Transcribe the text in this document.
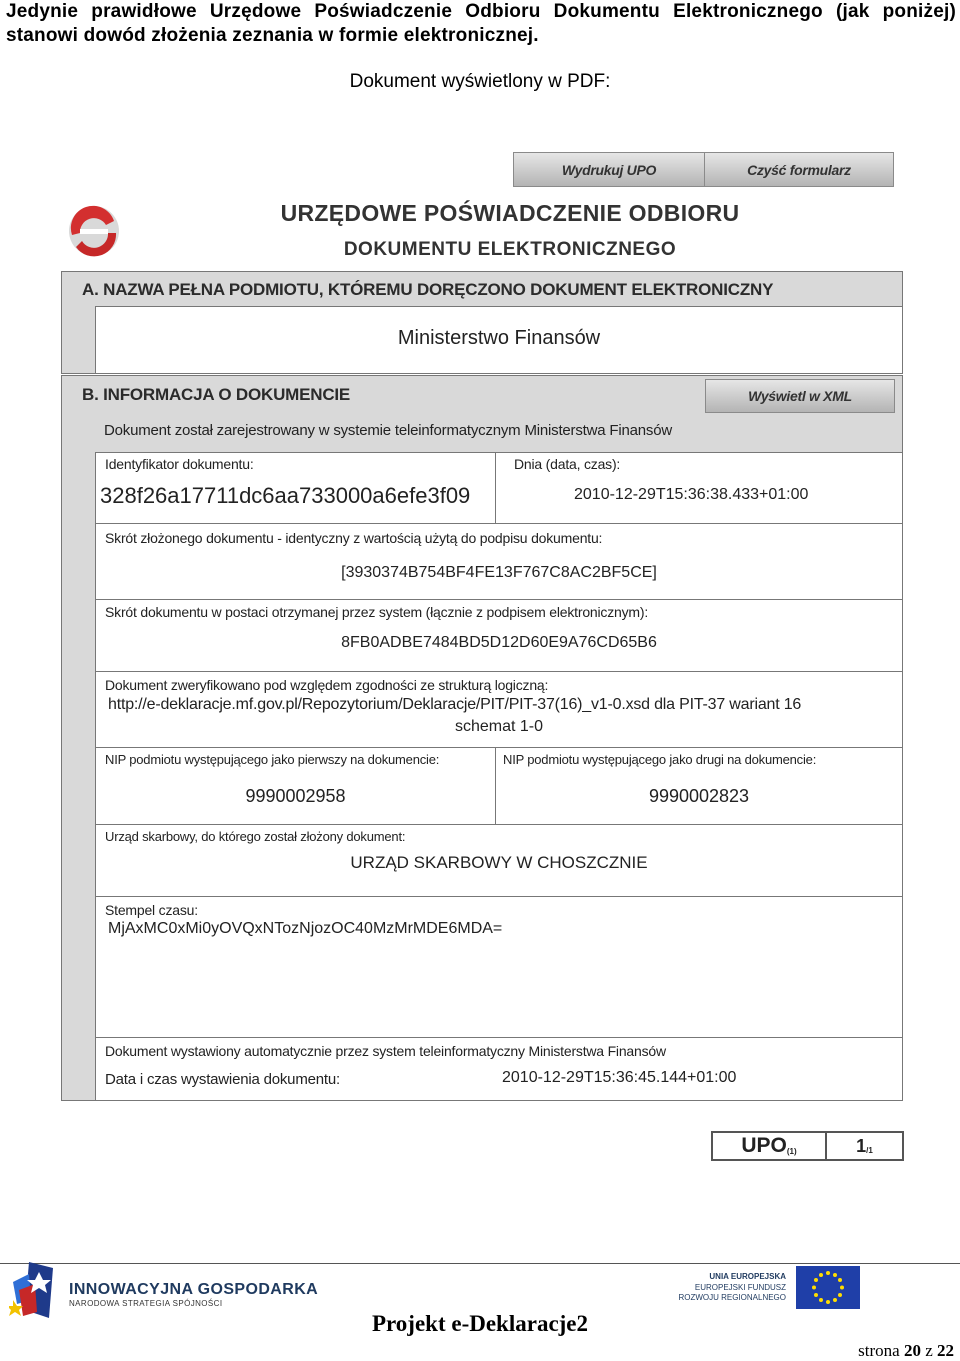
Jedynie prawidłowe Urzędowe Poświadczenie Odbioru Dokumentu Elektronicznego (jak poniżej) stanowi dowód złożenia zeznania w formie elektronicznej.
Dokument wyświetlony w PDF:
Wydrukuj UPO	Czyść formularz
URZĘDOWE POŚWIADCZENIE ODBIORU
DOKUMENTU ELEKTRONICZNEGO
A. NAZWA PEŁNA PODMIOTU, KTÓREMU DORĘCZONO DOKUMENT ELEKTRONICZNY
Ministerstwo Finansów
B. INFORMACJA O DOKUMENCIE	Wyświetl w XML
Dokument został zarejestrowany w systemie teleinformatycznym Ministerstwa Finansów
Identyfikator dokumentu:
328f26a17711dc6aa733000a6efe3f09
Dnia (data, czas):
2010-12-29T15:36:38.433+01:00
Skrót złożonego dokumentu - identyczny z wartością użytą do podpisu dokumentu:
[3930374B754BF4FE13F767C8AC2BF5CE]
Skrót dokumentu w postaci otrzymanej przez system (łącznie z podpisem elektronicznym):
8FB0ADBE7484BD5D12D60E9A76CD65B6
Dokument zweryfikowano pod względem zgodności ze strukturą logiczną:
http://e-deklaracje.mf.gov.pl/Repozytorium/Deklaracje/PIT/PIT-37(16)_v1-0.xsd dla PIT-37 wariant 16
schemat 1-0
NIP podmiotu występującego jako pierwszy na dokumencie:
9990002958
NIP podmiotu występującego jako drugi na dokumencie:
9990002823
Urząd skarbowy, do którego został złożony dokument:
URZĄD SKARBOWY W CHOSZCZNIE
Stempel czasu:
MjAxMC0xMi0yOVQxNTozNjozOC40MzMrMDE6MDA=
Dokument wystawiony automatycznie przez system teleinformatyczny Ministerstwa Finansów
Data i czas wystawienia dokumentu:	2010-12-29T15:36:45.144+01:00
UPO (1)	1 /1
INNOWACYJNA GOSPODARKA
NARODOWA STRATEGIA SPÓJNOŚCI
UNIA EUROPEJSKA
EUROPEJSKI FUNDUSZ
ROZWOJU REGIONALNEGO
Projekt e-Deklaracje2
strona 20 z 22
